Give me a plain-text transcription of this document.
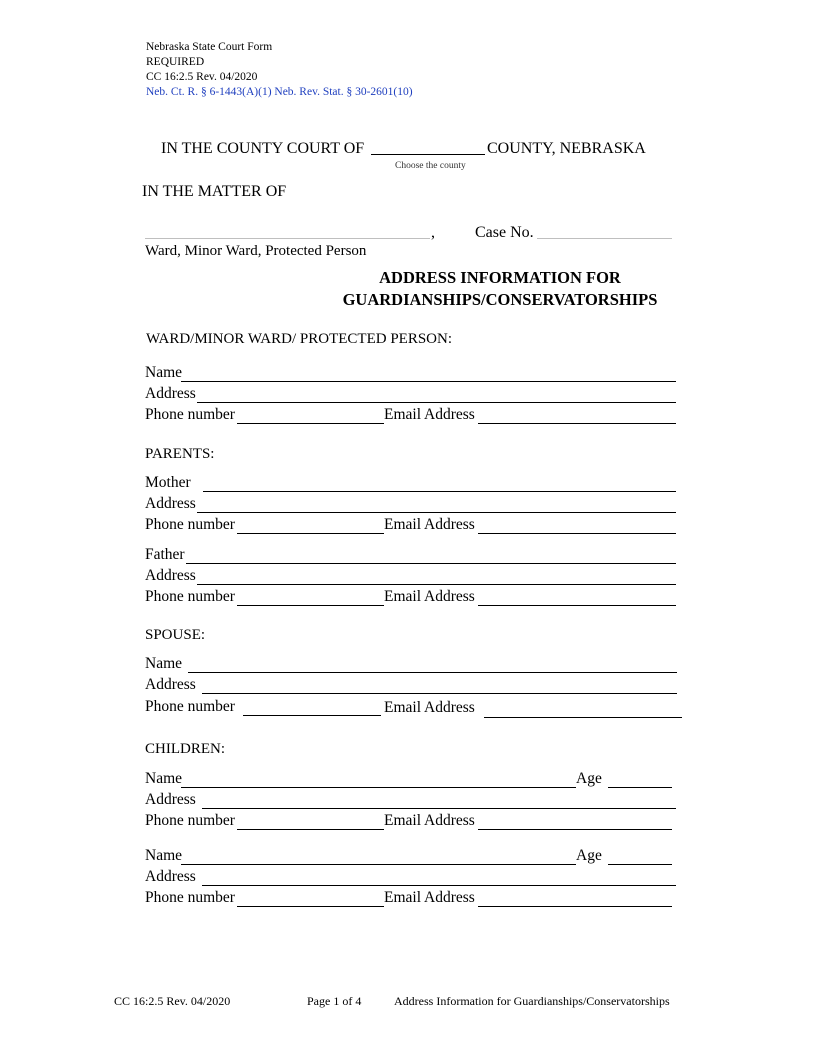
Nebraska State Court Form
REQUIRED
CC 16:2.5 Rev. 04/2020
Neb. Ct. R. § 6-1443(A)(1) Neb. Rev. Stat. § 30-2601(10)
IN THE COUNTY COURT OF	COUNTY, NEBRASKA
Choose the county
IN THE MATTER OF
,	Case No.
Ward, Minor Ward, Protected Person
ADDRESS INFORMATION FOR
GUARDIANSHIPS/CONSERVATORSHIPS
WARD/MINOR WARD/ PROTECTED PERSON:
Name
Address
Phone number	Email Address
PARENTS:
Mother
Address
Phone number	Email Address
Father
Address
Phone number	Email Address
SPOUSE:
Name
Address
Phone number	Email Address
CHILDREN:
Name	Age
Address
Phone number	Email Address
Name	Age
Address
Phone number	Email Address
CC 16:2.5 Rev. 04/2020	Page 1 of 4	Address Information for Guardianships/Conservatorships
